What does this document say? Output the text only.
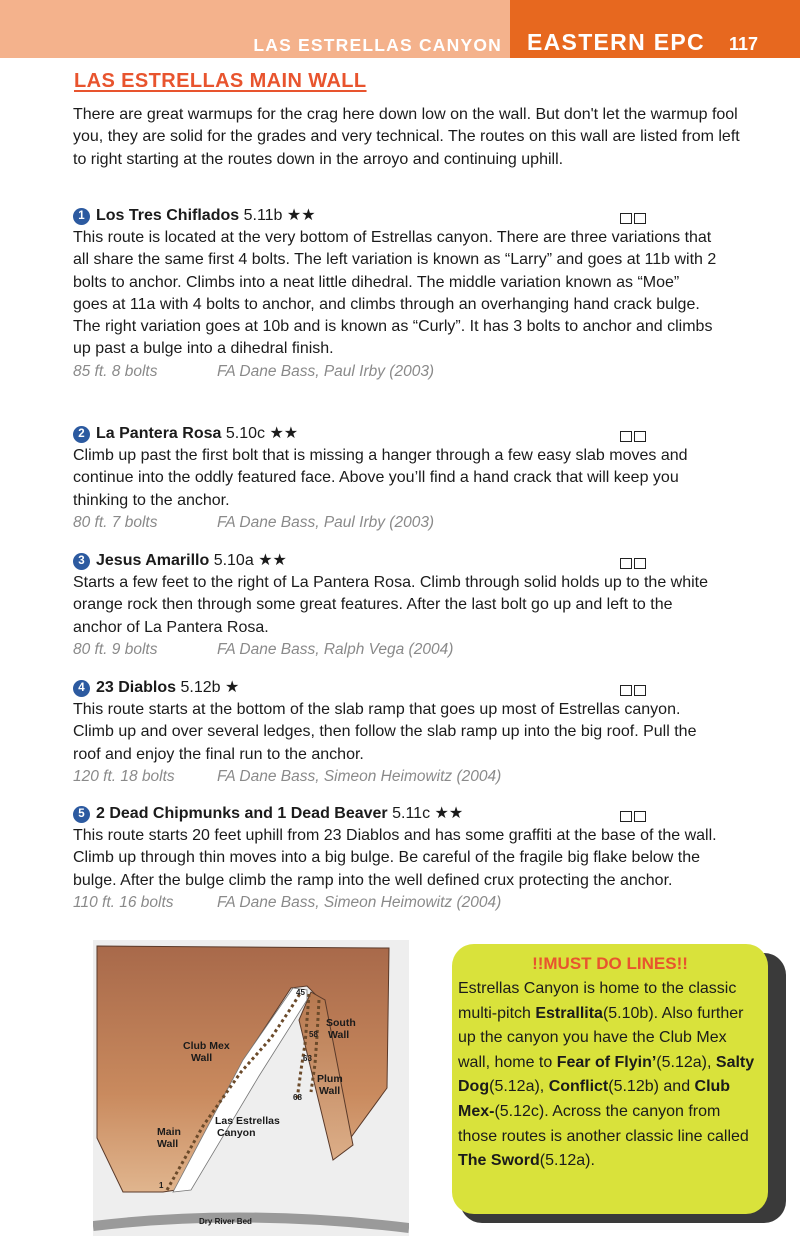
LAS ESTRELLAS CANYON EASTERN EPC 117
LAS ESTRELLAS MAIN WALL

There are great warmups for the crag here down low on the wall. But don't let the warmup fool you, they are solid for the grades and very technical. The routes on this wall are listed from left to right starting at the routes down in the arroyo and continuing uphill.

1 Los Tres Chiflados 5.11b ★★

This route is located at the very bottom of Estrellas canyon. There are three variations that all share the same first 4 bolts. The left variation is known as “Larry” and goes at 11b with 2 bolts to anchor. Climbs into a neat little dihedral. The middle variation known as “Moe” goes at 11a with 4 bolts to anchor, and climbs through an overhanging hand crack bulge. The right variation goes at 10b and is known as “Curly”. It has 3 bolts to anchor and climbs up past a bulge into a dihedral finish.

85 ft. 8 bolts	FA Dane Bass, Paul Irby (2003)
2 La Pantera Rosa 5.10c ★★

Climb up past the first bolt that is missing a hanger through a few easy slab moves and continue into the oddly featured face. Above you’ll find a hand crack that will keep you thinking to the anchor.

80 ft. 7 bolts	FA Dane Bass, Paul Irby (2003)
3 Jesus Amarillo 5.10a ★★

Starts a few feet to the right of La Pantera Rosa. Climb through solid holds up to the white orange rock then through some great features. After the last bolt go up and left to the anchor of La Pantera Rosa.

80 ft. 9 bolts	FA Dane Bass, Ralph Vega (2004)
4 23 Diablos 5.12b ★

This route starts at the bottom of the slab ramp that goes up most of Estrellas canyon. Climb up and over several ledges, then follow the slab ramp up into the big roof. Pull the roof and enjoy the final run to the anchor.

120 ft. 18 bolts	FA Dane Bass, Simeon Heimowitz (2004)
5 2 Dead Chipmunks and 1 Dead Beaver 5.11c ★★

This route starts 20 feet uphill from 23 Diablos and has some graffiti at the base of the wall. Climb up through thin moves into a big bulge. Be careful of the fragile big flake below the bulge. After the bulge climb the ramp into the well defined crux protecting the anchor.

110 ft. 16 bolts	FA Dane Bass, Simeon Heimowitz (2004)
Club Mex
Wall
South
Wall
Plum
Wall
Main
Wall
Las Estrellas
Canyon
45
58
63
68
1
Dry River Bed
!!MUST DO LINES!!
Estrellas Canyon is home to the classic multi-pitch Estrallita(5.10b). Also further up the canyon you have the Club Mex wall, home to Fear of Flyin’(5.12a), Salty Dog(5.12a), Conflict(5.12b) and Club Mex-(5.12c). Across the canyon from those routes is another classic line called The Sword(5.12a).
